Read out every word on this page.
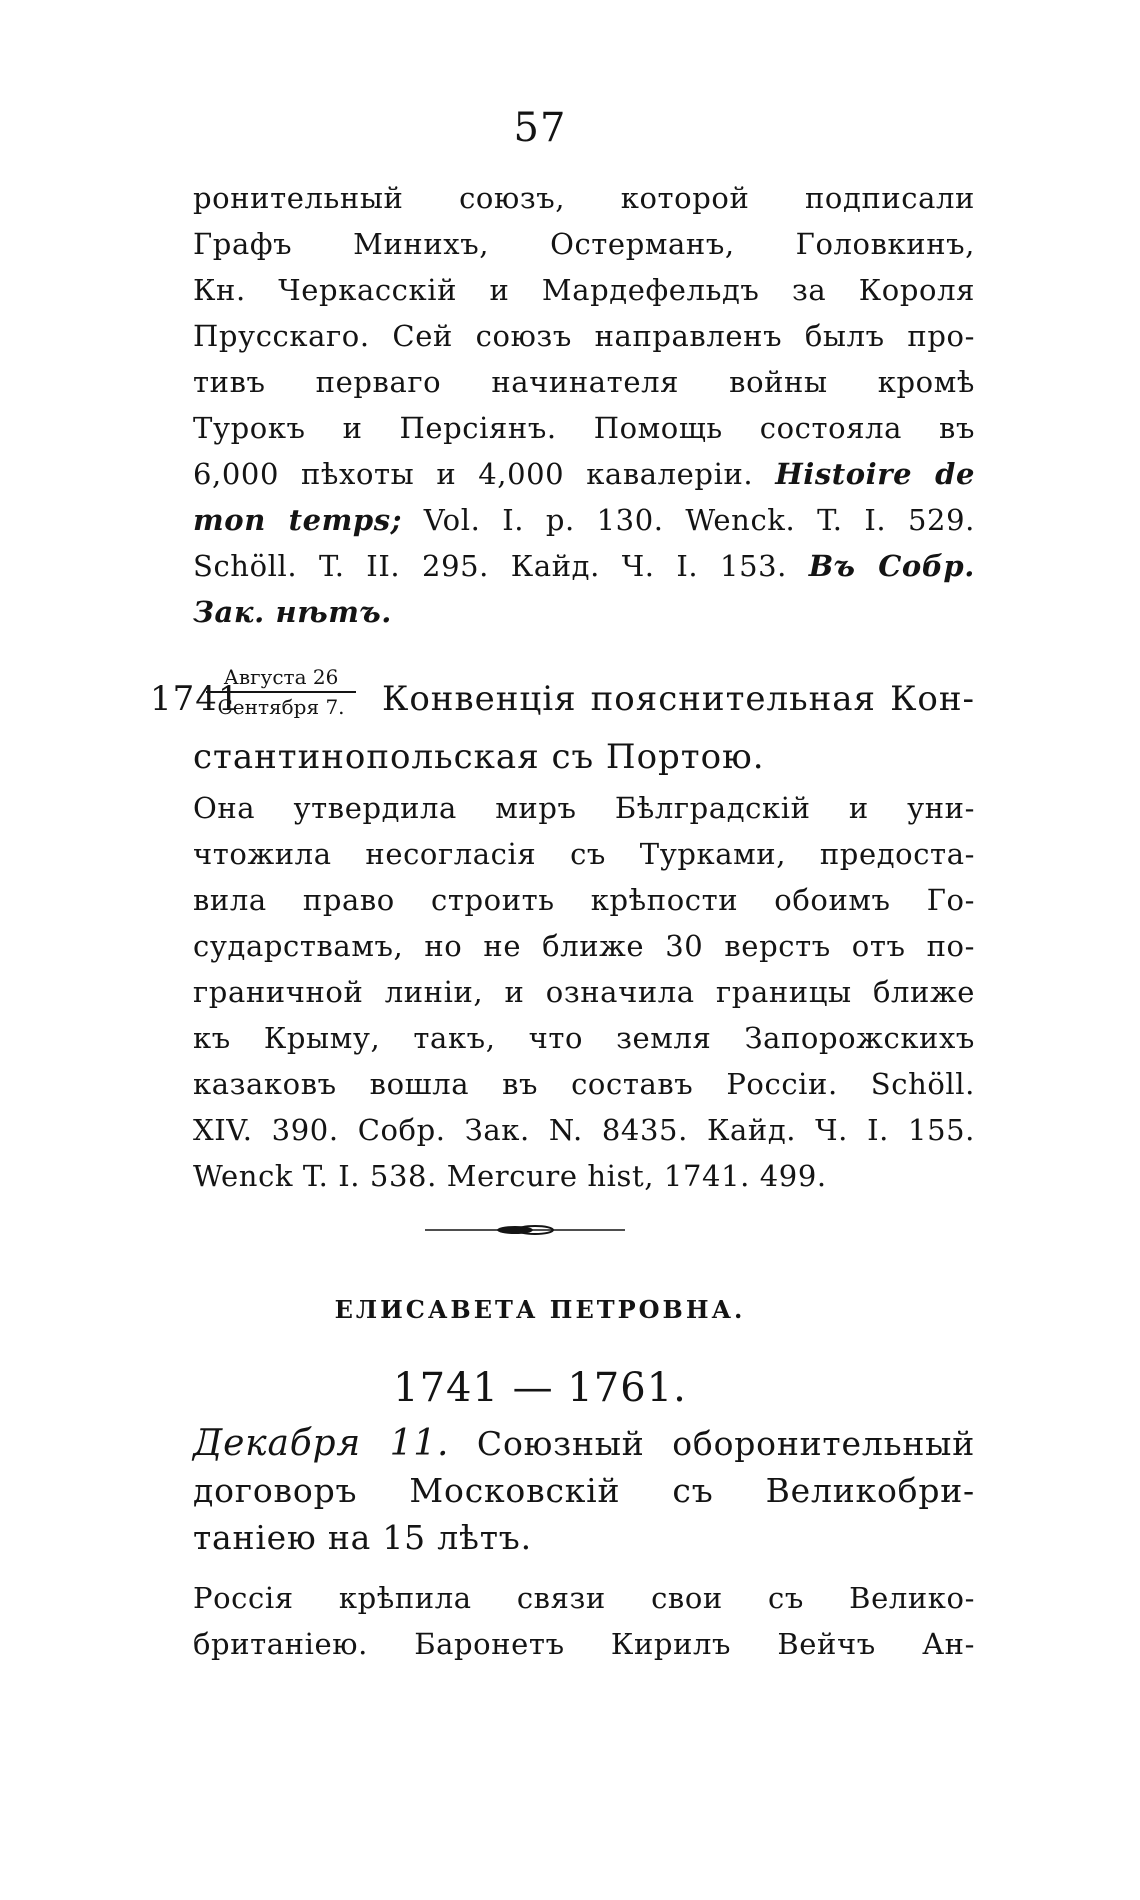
57
ронительный союзъ, которой подписали
Графъ Минихъ, Остерманъ, Головкинъ,
Кн. Черкасскій и Мардефельдъ за Короля
Прусскаго. Сей союзъ направленъ былъ про-
тивъ перваго начинателя войны кромѣ
Турокъ и Персіянъ. Помощь состояла въ
6,000 пѣхоты и 4,000 кавалеріи. Histoire de
mon temps; Vol. I. p. 130. Wenck. T. I. 529.
Schöll. T. II. 295. Кайд. Ч. I. 153. Въ Собр.
Зак. нѣтъ.
1741
Августа 26
Сентября 7.	Конвенція пояснительная Кон-
стантинопольская съ Портою.
Она утвердила миръ Бѣлградскій и уни-
чтожила несогласія съ Турками, предоста-
вила право строить крѣпости обоимъ Го-
сударствамъ, но не ближе 30 верстъ отъ по-
граничной линіи, и означила границы ближе
къ Крыму, такъ, что земля Запорожскихъ
казаковъ вошла въ составъ Россіи. Schöll.
XIV. 390. Собр. Зак. N. 8435. Кайд. Ч. I. 155.
Wenck T. I. 538. Mercure hist, 1741. 499.
ЕЛИСАВЕТА ПЕТРОВНА.
1741 — 1761.
Декабря 11. Союзный оборонительный
договоръ Московскій съ Великобри-
танiею на 15 лѣтъ.
Россія крѣпила связи свои съ Велико-
британіею. Баронетъ Кирилъ Вейчъ Ан-
